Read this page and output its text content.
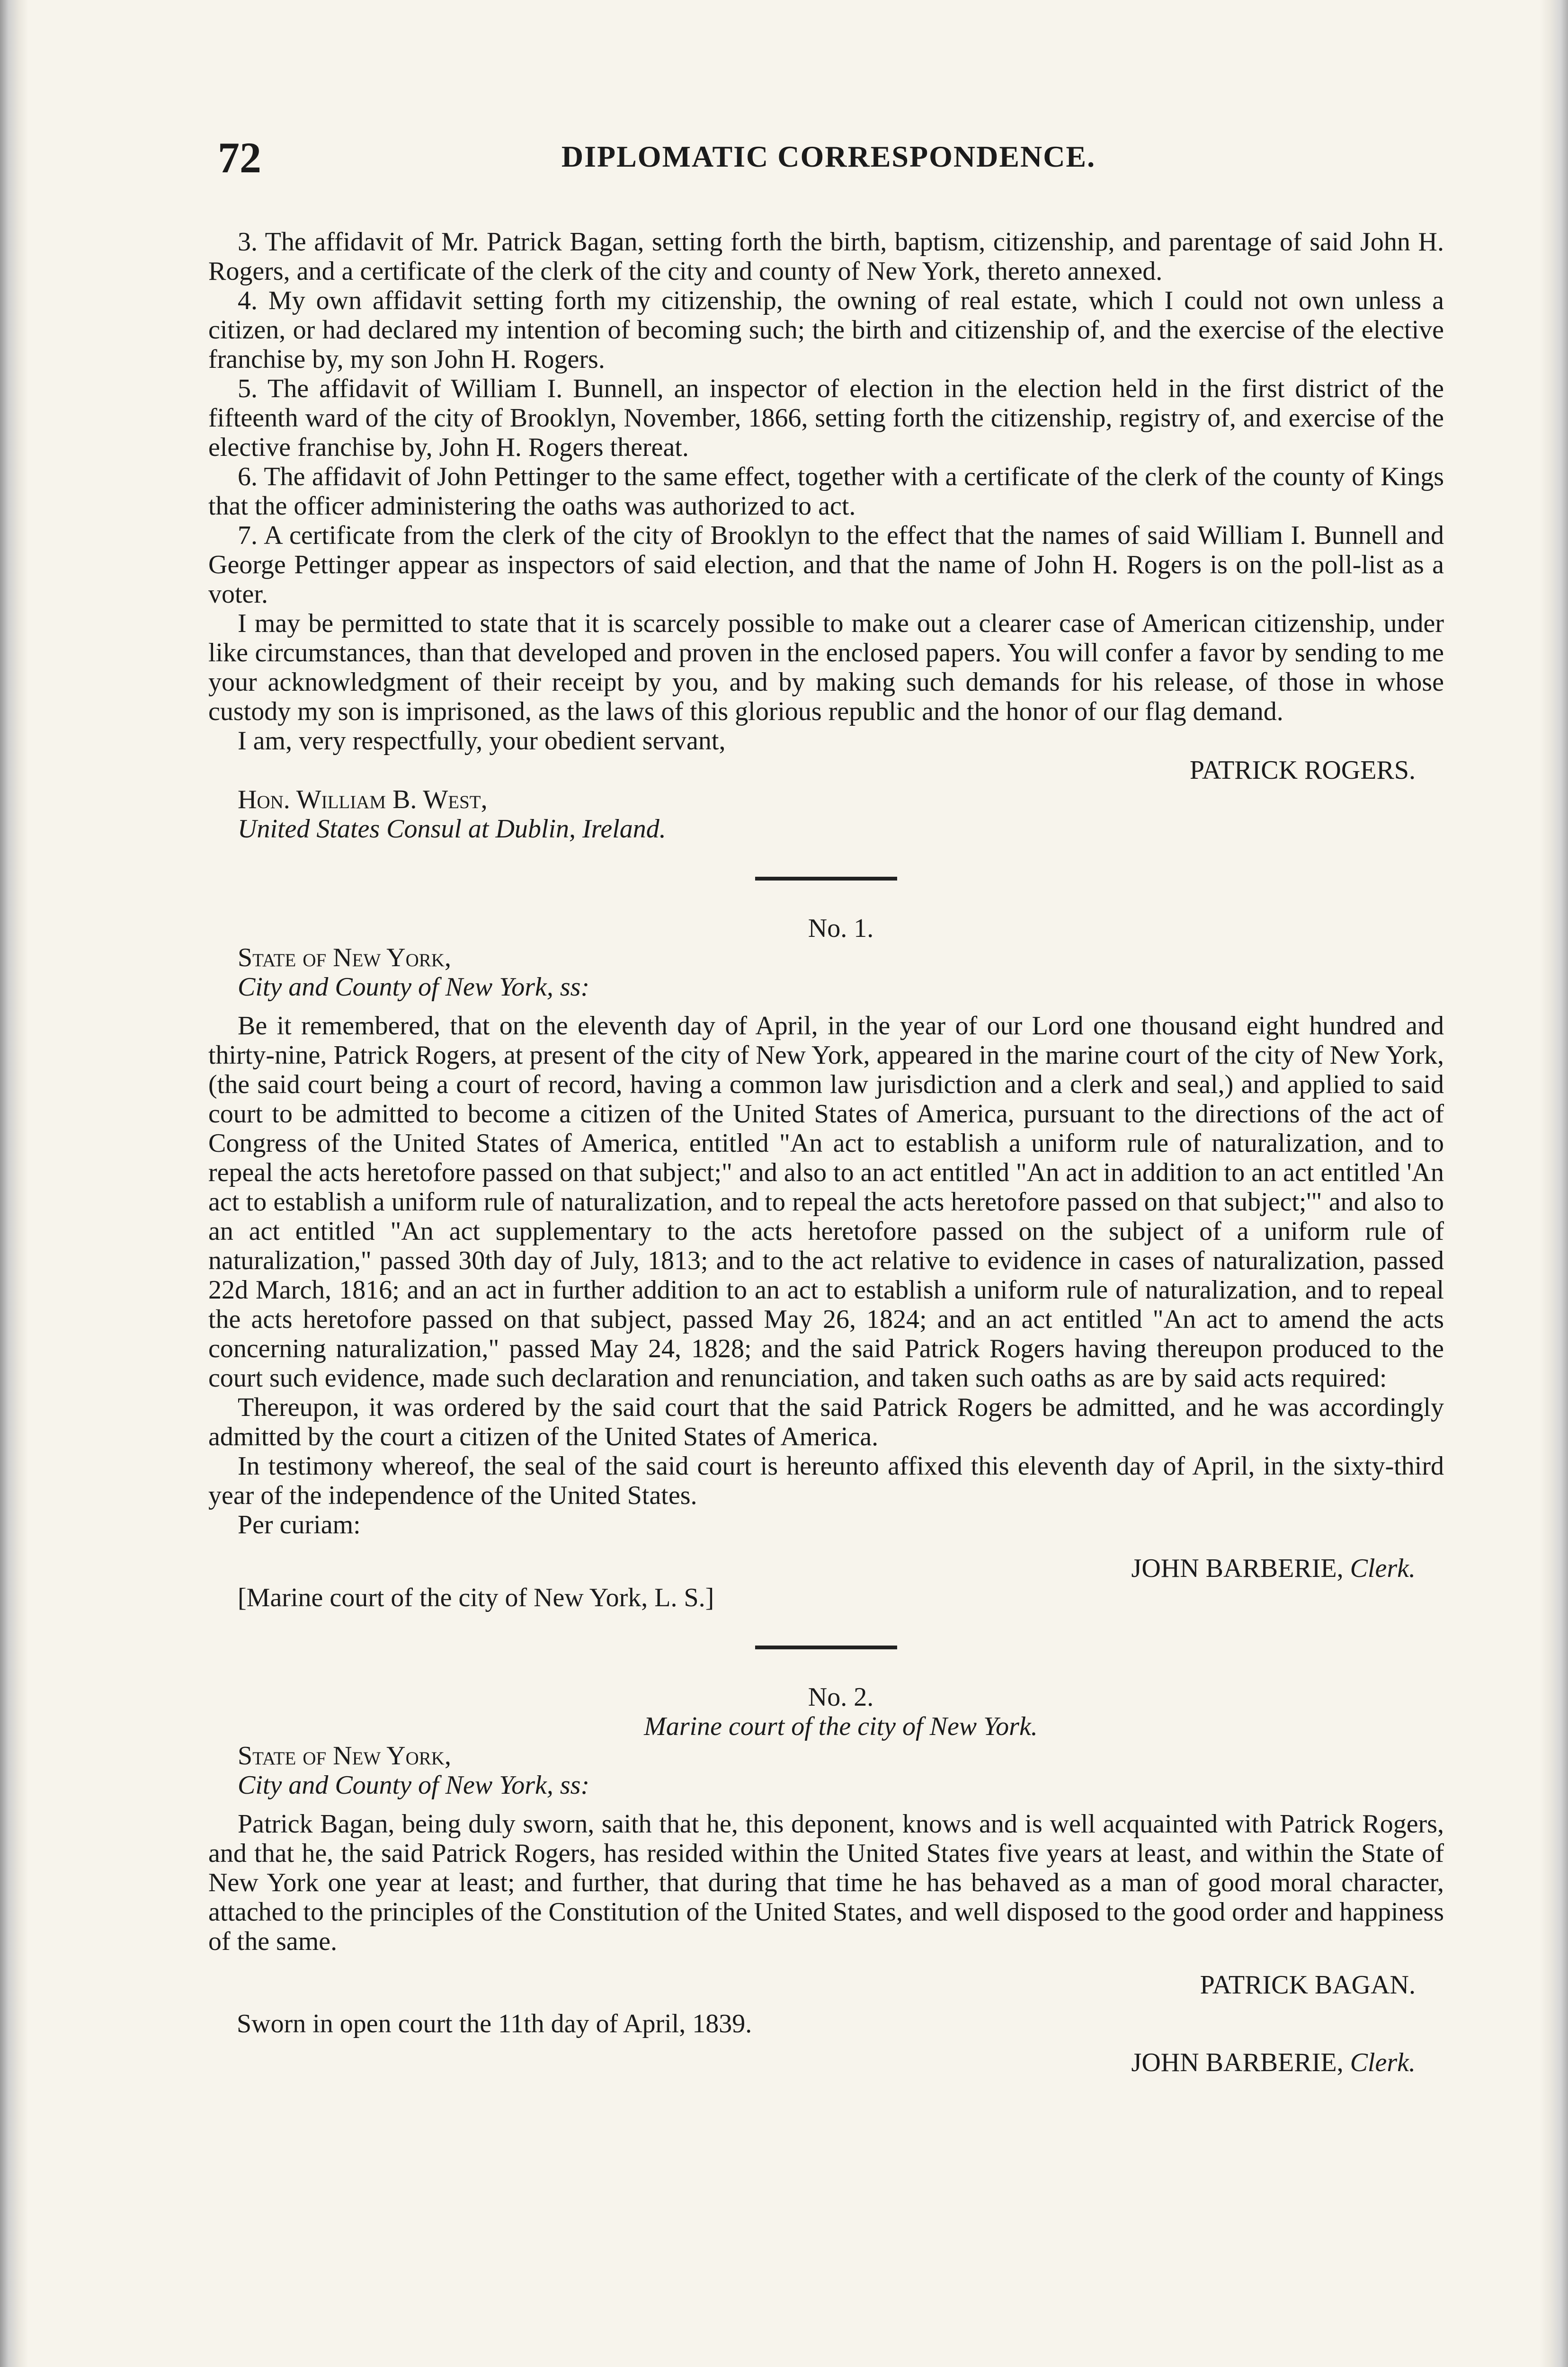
72	DIPLOMATIC CORRESPONDENCE.

3. The affidavit of Mr. Patrick Bagan, setting forth the birth, baptism, citizenship, and parentage of said John H. Rogers, and a certificate of the clerk of the city and county of New York, thereto annexed.

4. My own affidavit setting forth my citizenship, the owning of real estate, which I could not own unless a citizen, or had declared my intention of becoming such; the birth and citizenship of, and the exercise of the elective franchise by, my son John H. Rogers.

5. The affidavit of William I. Bunnell, an inspector of election in the election held in the first district of the fifteenth ward of the city of Brooklyn, November, 1866, setting forth the citizenship, registry of, and exercise of the elective franchise by, John H. Rogers thereat.

6. The affidavit of John Pettinger to the same effect, together with a certificate of the clerk of the county of Kings that the officer administering the oaths was authorized to act.

7. A certificate from the clerk of the city of Brooklyn to the effect that the names of said William I. Bunnell and George Pettinger appear as inspectors of said election, and that the name of John H. Rogers is on the poll-list as a voter.

I may be permitted to state that it is scarcely possible to make out a clearer case of American citizenship, under like circumstances, than that developed and proven in the enclosed papers. You will confer a favor by sending to me your acknowledgment of their receipt by you, and by making such demands for his release, of those in whose custody my son is imprisoned, as the laws of this glorious republic and the honor of our flag demand.

I am, very respectfully, your obedient servant,

PATRICK ROGERS.

Hon. William B. West,

United States Consul at Dublin, Ireland.

No. 1.

State of New York,

City and County of New York, ss:

Be it remembered, that on the eleventh day of April, in the year of our Lord one thousand eight hundred and thirty-nine, Patrick Rogers, at present of the city of New York, appeared in the marine court of the city of New York, (the said court being a court of record, having a common law jurisdiction and a clerk and seal,) and applied to said court to be admitted to become a citizen of the United States of America, pursuant to the directions of the act of Congress of the United States of America, entitled "An act to establish a uniform rule of naturalization, and to repeal the acts heretofore passed on that subject;" and also to an act entitled "An act in addition to an act entitled 'An act to establish a uniform rule of naturalization, and to repeal the acts heretofore passed on that subject;'" and also to an act entitled "An act supplementary to the acts heretofore passed on the subject of a uniform rule of naturalization," passed 30th day of July, 1813; and to the act relative to evidence in cases of naturalization, passed 22d March, 1816; and an act in further addition to an act to establish a uniform rule of naturalization, and to repeal the acts heretofore passed on that subject, passed May 26, 1824; and an act entitled "An act to amend the acts concerning naturalization," passed May 24, 1828; and the said Patrick Rogers having thereupon produced to the court such evidence, made such declaration and renunciation, and taken such oaths as are by said acts required:

Thereupon, it was ordered by the said court that the said Patrick Rogers be admitted, and he was accordingly admitted by the court a citizen of the United States of America.

In testimony whereof, the seal of the said court is hereunto affixed this eleventh day of April, in the sixty-third year of the independence of the United States.

Per curiam:

JOHN BARBERIE, Clerk.

[Marine court of the city of New York, L. S.]

No. 2.

Marine court of the city of New York.

State of New York,

City and County of New York, ss:

Patrick Bagan, being duly sworn, saith that he, this deponent, knows and is well acquainted with Patrick Rogers, and that he, the said Patrick Rogers, has resided within the United States five years at least, and within the State of New York one year at least; and further, that during that time he has behaved as a man of good moral character, attached to the principles of the Constitution of the United States, and well disposed to the good order and happiness of the same.

PATRICK BAGAN.

Sworn in open court the 11th day of April, 1839.

JOHN BARBERIE, Clerk.
